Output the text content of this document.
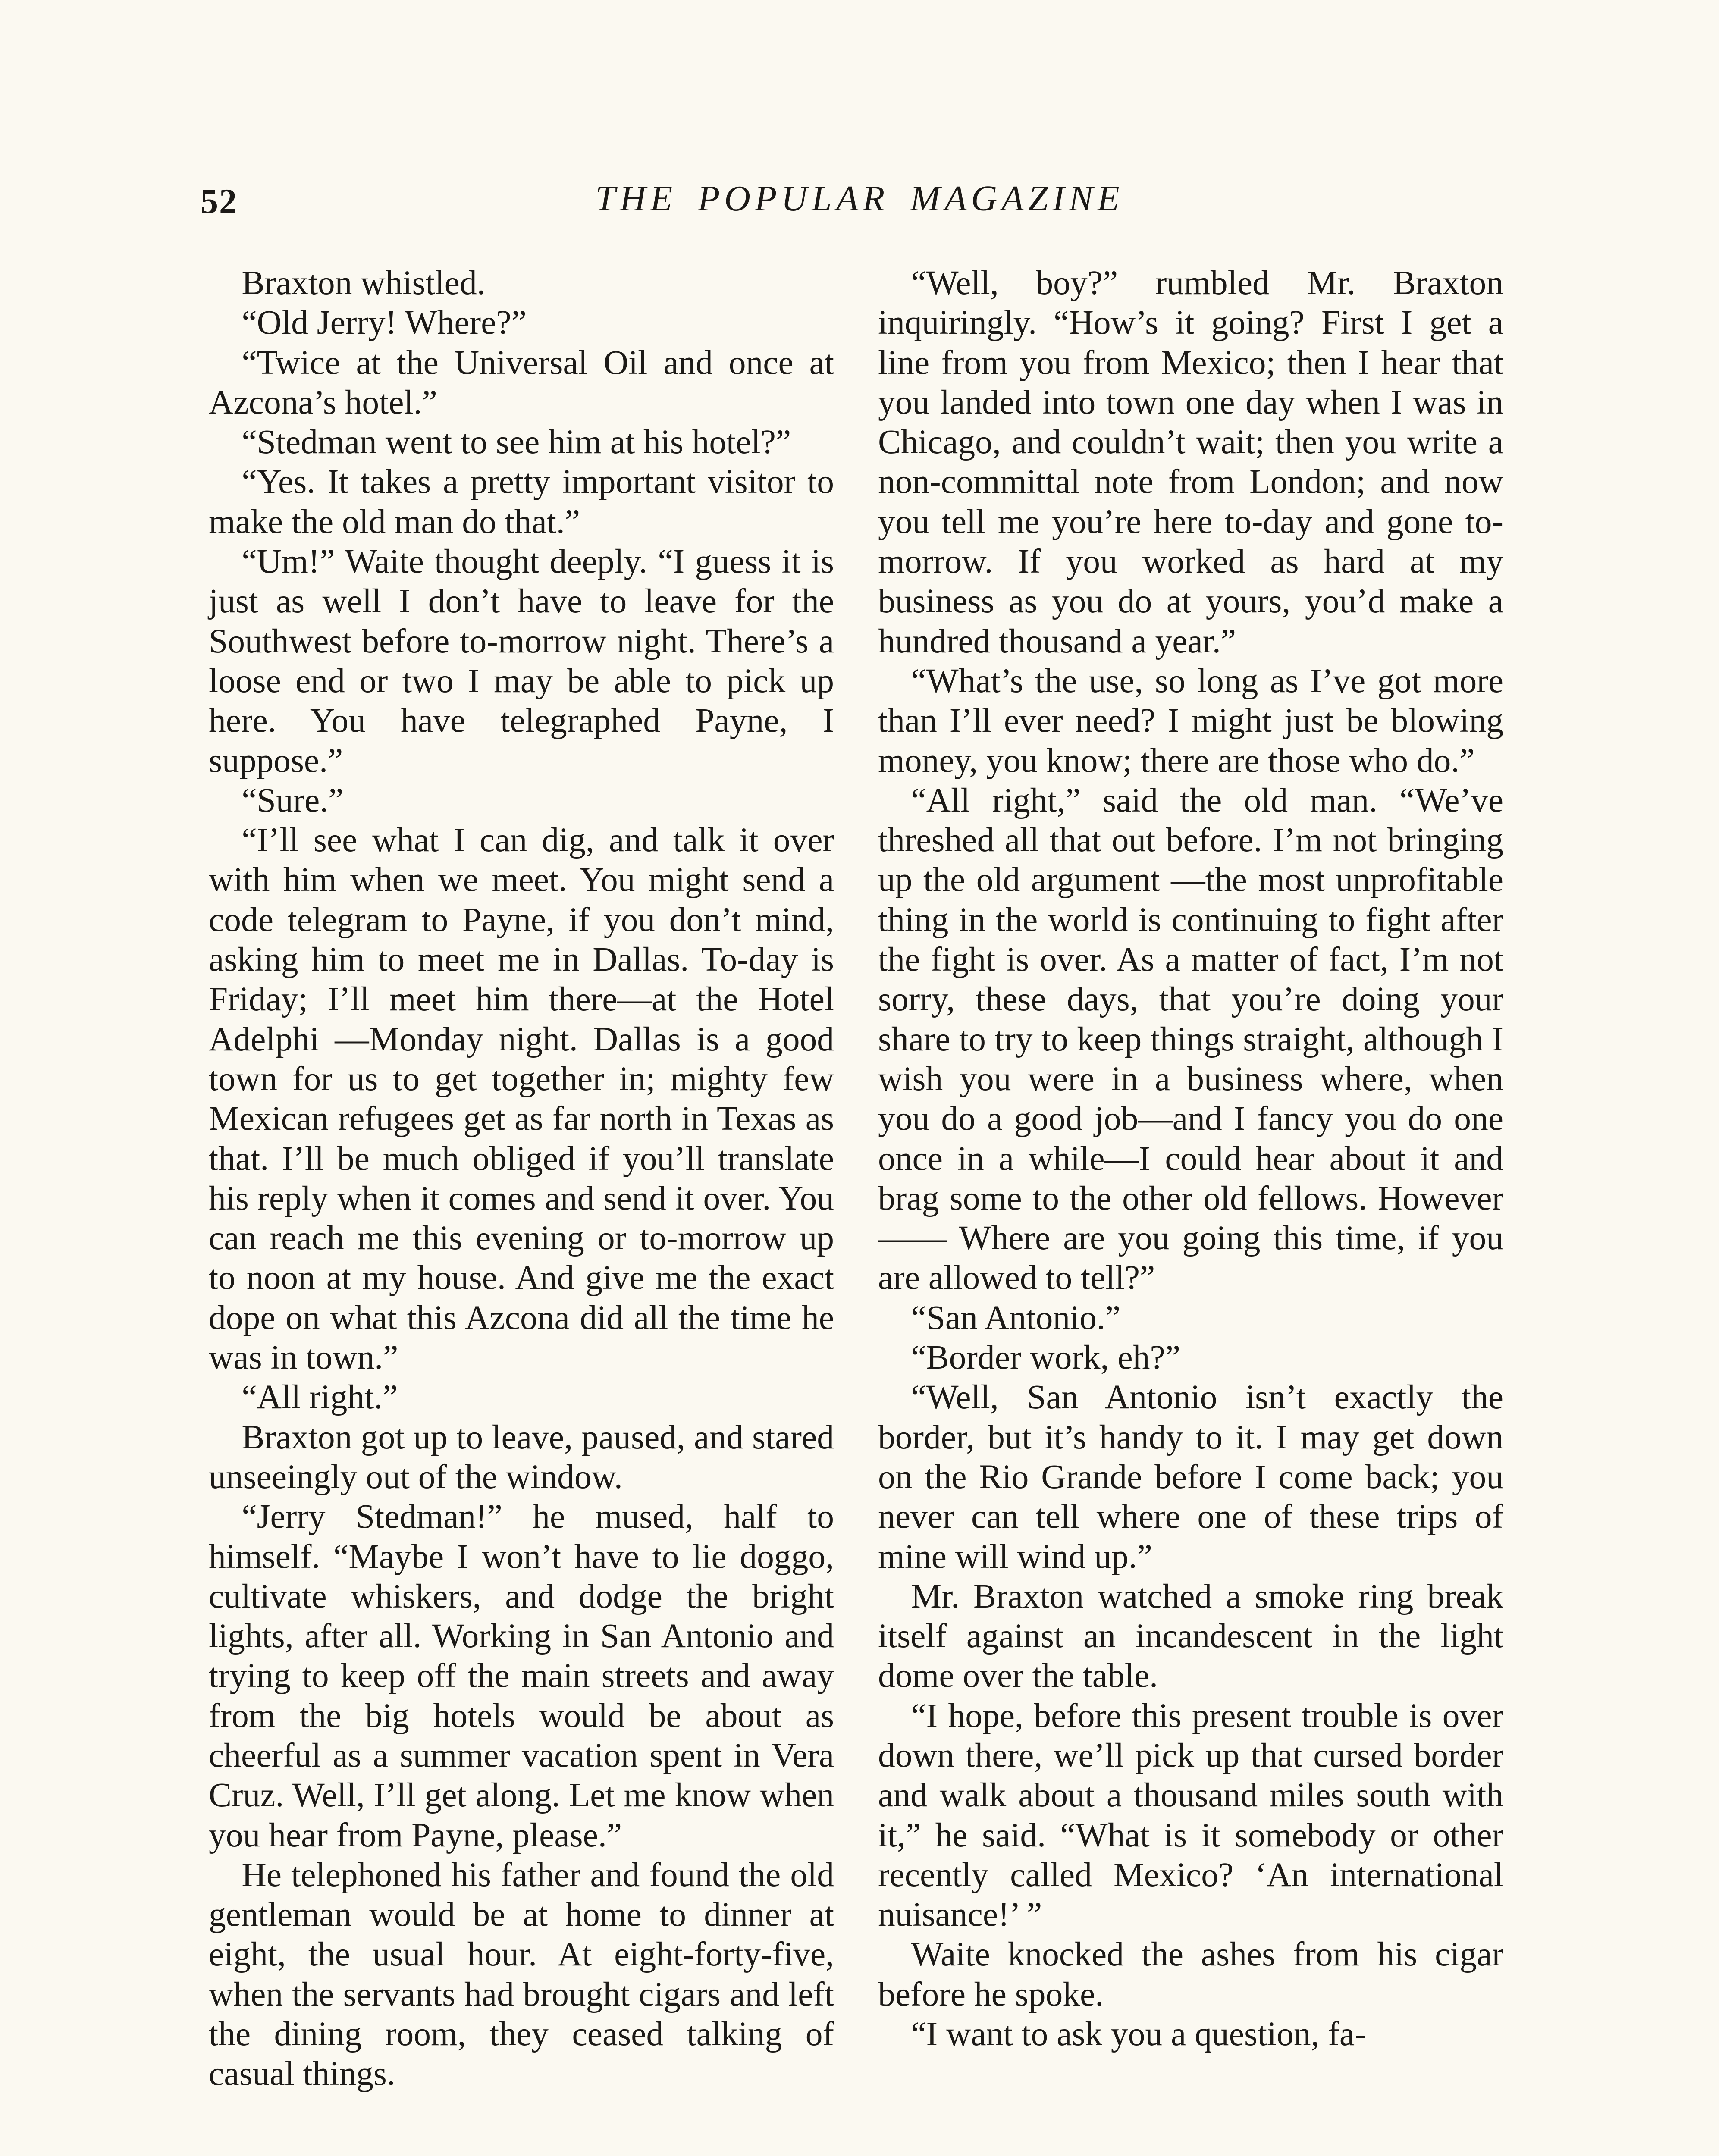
52	THE POPULAR MAGAZINE

Braxton whistled.

“Old Jerry! Where?”

“Twice at the Universal Oil and once at Azcona’s hotel.”

“Stedman went to see him at his hotel?”

“Yes. It takes a pretty important visitor to make the old man do that.”

“Um!” Waite thought deeply. “I guess it is just as well I don’t have to leave for the Southwest before to-morrow night. There’s a loose end or two I may be able to pick up here. You have telegraphed Payne, I suppose.”

“Sure.”

“I’ll see what I can dig, and talk it over with him when we meet. You might send a code telegram to Payne, if you don’t mind, asking him to meet me in Dallas. To-day is Friday; I’ll meet him there—at the Hotel Adelphi —Monday night. Dallas is a good town for us to get together in; mighty few Mexican refugees get as far north in Texas as that. I’ll be much obliged if you’ll translate his reply when it comes and send it over. You can reach me this evening or to-morrow up to noon at my house. And give me the exact dope on what this Azcona did all the time he was in town.”

“All right.”

Braxton got up to leave, paused, and stared unseeingly out of the window.

“Jerry Stedman!” he mused, half to himself. “Maybe I won’t have to lie doggo, cultivate whiskers, and dodge the bright lights, after all. Working in San Antonio and trying to keep off the main streets and away from the big hotels would be about as cheerful as a summer vacation spent in Vera Cruz. Well, I’ll get along. Let me know when you hear from Payne, please.”

He telephoned his father and found the old gentleman would be at home to dinner at eight, the usual hour. At eight-forty-five, when the servants had brought cigars and left the dining room, they ceased talking of casual things.

“Well, boy?” rumbled Mr. Braxton inquiringly. “How’s it going? First I get a line from you from Mexico; then I hear that you landed into town one day when I was in Chicago, and couldn’t wait; then you write a non-committal note from London; and now you tell me you’re here to-day and gone to-morrow. If you worked as hard at my business as you do at yours, you’d make a hundred thousand a year.”

“What’s the use, so long as I’ve got more than I’ll ever need? I might just be blowing money, you know; there are those who do.”

“All right,” said the old man. “We’ve threshed all that out before. I’m not bringing up the old argument —the most unprofitable thing in the world is continuing to fight after the fight is over. As a matter of fact, I’m not sorry, these days, that you’re doing your share to try to keep things straight, although I wish you were in a business where, when you do a good job—and I fancy you do one once in a while—I could hear about it and brag some to the other old fellows. However—— Where are you going this time, if you are allowed to tell?”

“San Antonio.”

“Border work, eh?”

“Well, San Antonio isn’t exactly the border, but it’s handy to it. I may get down on the Rio Grande before I come back; you never can tell where one of these trips of mine will wind up.”

Mr. Braxton watched a smoke ring break itself against an incandescent in the light dome over the table.

“I hope, before this present trouble is over down there, we’ll pick up that cursed border and walk about a thousand miles south with it,” he said. “What is it somebody or other recently called Mexico? ‘An international nuisance!’ ”

Waite knocked the ashes from his cigar before he spoke.

“I want to ask you a question, fa-
